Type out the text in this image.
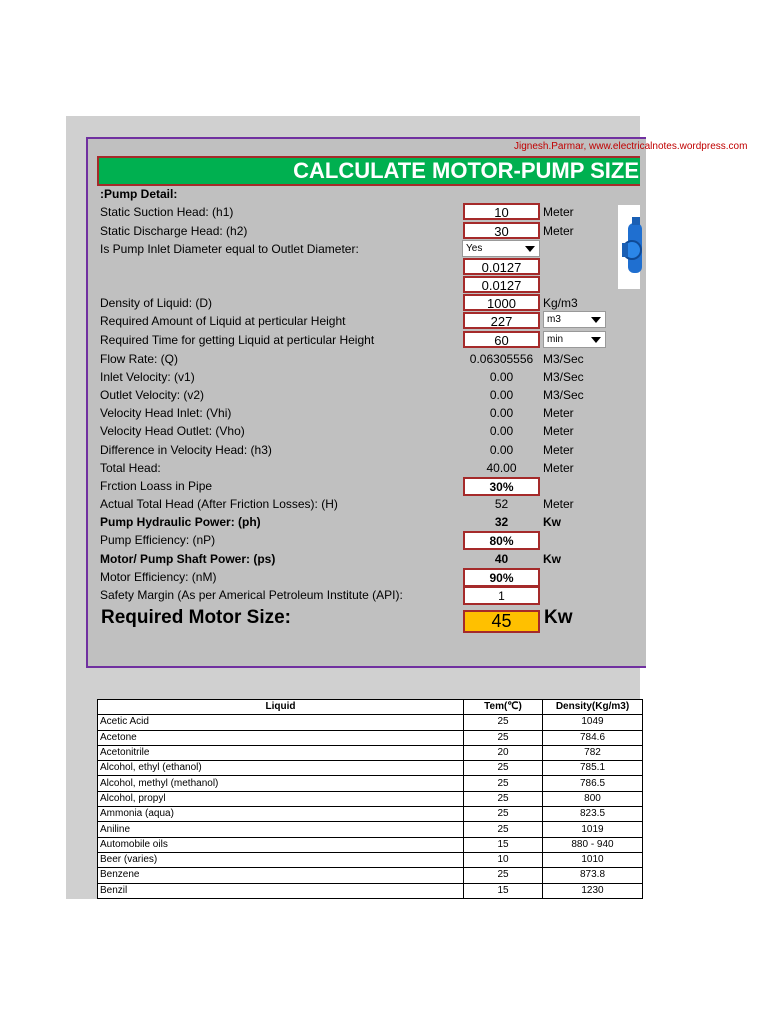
Jignesh.Parmar, www.electricalnotes.wordpress.com
CALCULATE MOTOR-PUMP SIZE
:Pump Detail:
Static Suction Head: (h1)	10	Meter
Static Discharge Head: (h2)	30	Meter
Is Pump Inlet Diameter equal to Outlet Diameter:	Yes
0.0127
0.0127
Density of Liquid: (D)	1000	Kg/m3
Required Amount of Liquid at perticular Height	227	m3
Required Time for getting Liquid at perticular Height	60	min
Flow Rate: (Q)	0.06305556 M3/Sec
Inlet Velocity: (v1)	0.00	M3/Sec
Outlet Velocity: (v2)	0.00	M3/Sec
Velocity Head Inlet: (Vhi)	0.00	Meter
Velocity Head Outlet: (Vho)	0.00	Meter
Difference in Velocity Head: (h3)	0.00	Meter
Total Head:	40.00	Meter
Frction Loass in Pipe	30%
Actual Total Head (After Friction Losses): (H)	52	Meter
Pump Hydraulic Power: (ph)	32	Kw
Pump Efficiency: (nP)	80%
Motor/ Pump Shaft Power: (ps)	40	Kw
Motor Efficiency: (nM)	90%
Safety Margin (As per Americal Petroleum Institute (API):	1
Required Motor Size:	45	Kw
Liquid	Tem(℃)	Density(Kg/m3)
Acetic Acid	25	1049
Acetone	25	784.6
Acetonitrile	20	782
Alcohol, ethyl (ethanol)	25	785.1
Alcohol, methyl (methanol)	25	786.5
Alcohol, propyl	25	800
Ammonia (aqua)	25	823.5
Aniline	25	1019
Automobile oils	15	880 - 940
Beer (varies)	10	1010
Benzene	25	873.8
Benzil	15	1230
